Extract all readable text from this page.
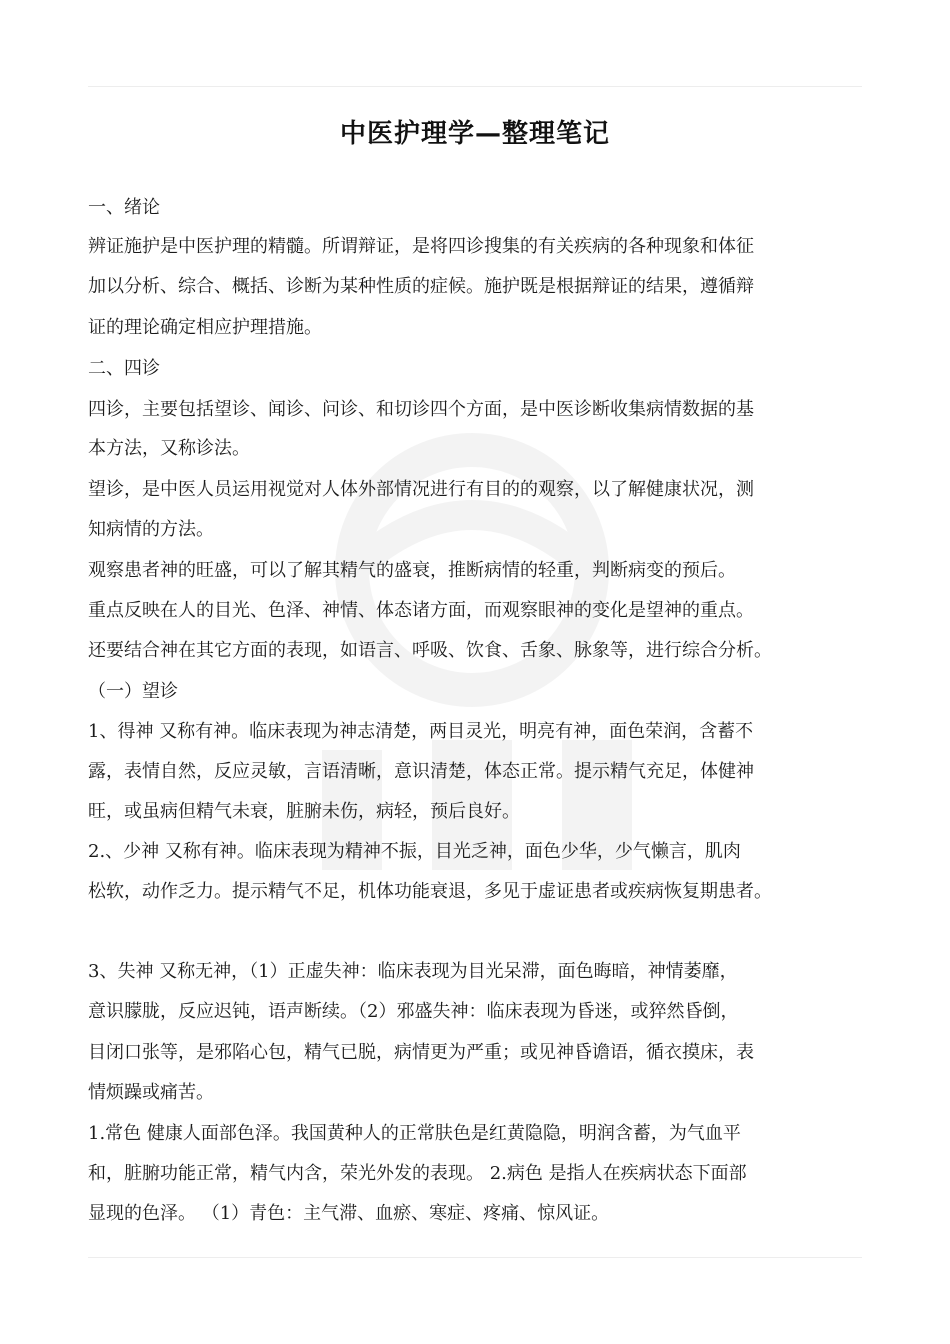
中医护理学—整理笔记
一、绪论
辨证施护是中医护理的精髓。所谓辩证，是将四诊搜集的有关疾病的各种现象和体征
加以分析、综合、概括、诊断为某种性质的症候。施护既是根据辩证的结果，遵循辩
证的理论确定相应护理措施。
二、四诊
四诊，主要包括望诊、闻诊、问诊、和切诊四个方面，是中医诊断收集病情数据的基
本方法，又称诊法。
望诊，是中医人员运用视觉对人体外部情况进行有目的的观察，以了解健康状况，测
知病情的方法。
观察患者神的旺盛，可以了解其精气的盛衰，推断病情的轻重，判断病变的预后。
重点反映在人的目光、色泽、神情、体态诸方面，而观察眼神的变化是望神的重点。
还要结合神在其它方面的表现，如语言、呼吸、饮食、舌象、脉象等，进行综合分析。
（一）望诊
1、得神 又称有神。临床表现为神志清楚，两目灵光，明亮有神，面色荣润，含蓄不
露，表情自然，反应灵敏，言语清晰，意识清楚，体态正常。提示精气充足，体健神
旺，或虽病但精气未衰，脏腑未伤，病轻，预后良好。
2.、少神 又称有神。临床表现为精神不振，目光乏神，面色少华，少气懒言，肌肉
松软，动作乏力。提示精气不足，机体功能衰退，多见于虚证患者或疾病恢复期患者。
3、失神 又称无神，（1）正虚失神：临床表现为目光呆滞，面色晦暗，神情萎靡，
意识朦胧，反应迟钝，语声断续。（2）邪盛失神：临床表现为昏迷，或猝然昏倒，
目闭口张等，是邪陷心包，精气已脱，病情更为严重；或见神昏谵语，循衣摸床，表
情烦躁或痛苦。
1.常色 健康人面部色泽。我国黄种人的正常肤色是红黄隐隐，明润含蓄，为气血平
和，脏腑功能正常，精气内含，荣光外发的表现。 2.病色 是指人在疾病状态下面部
显现的色泽。 （1）青色：主气滞、血瘀、寒症、疼痛、惊风证。
